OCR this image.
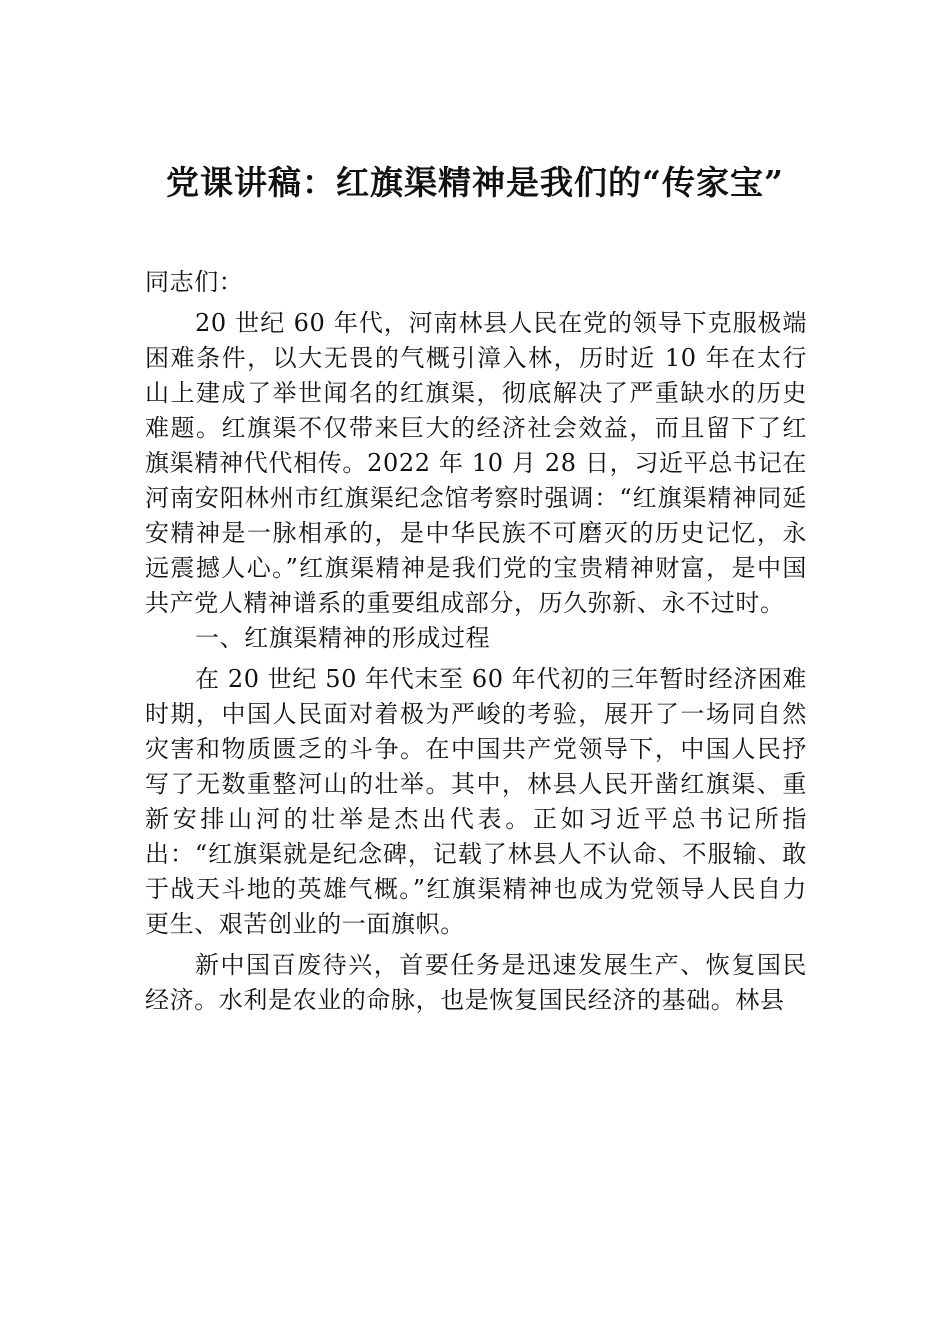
党课讲稿：红旗渠精神是我们的“传家宝”

同志们：

20 世纪 60 年代，河南林县人民在党的领导下克服极端困难条件，以大无畏的气概引漳入林，历时近 10 年在太行山上建成了举世闻名的红旗渠，彻底解决了严重缺水的历史难题。红旗渠不仅带来巨大的经济社会效益，而且留下了红旗渠精神代代相传。2022 年 10 月 28 日，习近平总书记在河南安阳林州市红旗渠纪念馆考察时强调：“红旗渠精神同延安精神是一脉相承的，是中华民族不可磨灭的历史记忆，永远震撼人心。”红旗渠精神是我们党的宝贵精神财富，是中国共产党人精神谱系的重要组成部分，历久弥新、永不过时。

一、红旗渠精神的形成过程

在 20 世纪 50 年代末至 60 年代初的三年暂时经济困难时期，中国人民面对着极为严峻的考验，展开了一场同自然灾害和物质匮乏的斗争。在中国共产党领导下，中国人民抒写了无数重整河山的壮举。其中，林县人民开凿红旗渠、重新安排山河的壮举是杰出代表。正如习近平总书记所指出：“红旗渠就是纪念碑，记载了林县人不认命、不服输、敢于战天斗地的英雄气概。”红旗渠精神也成为党领导人民自力更生、艰苦创业的一面旗帜。

新中国百废待兴，首要任务是迅速发展生产、恢复国民经济。水利是农业的命脉，也是恢复国民经济的基础。林县
